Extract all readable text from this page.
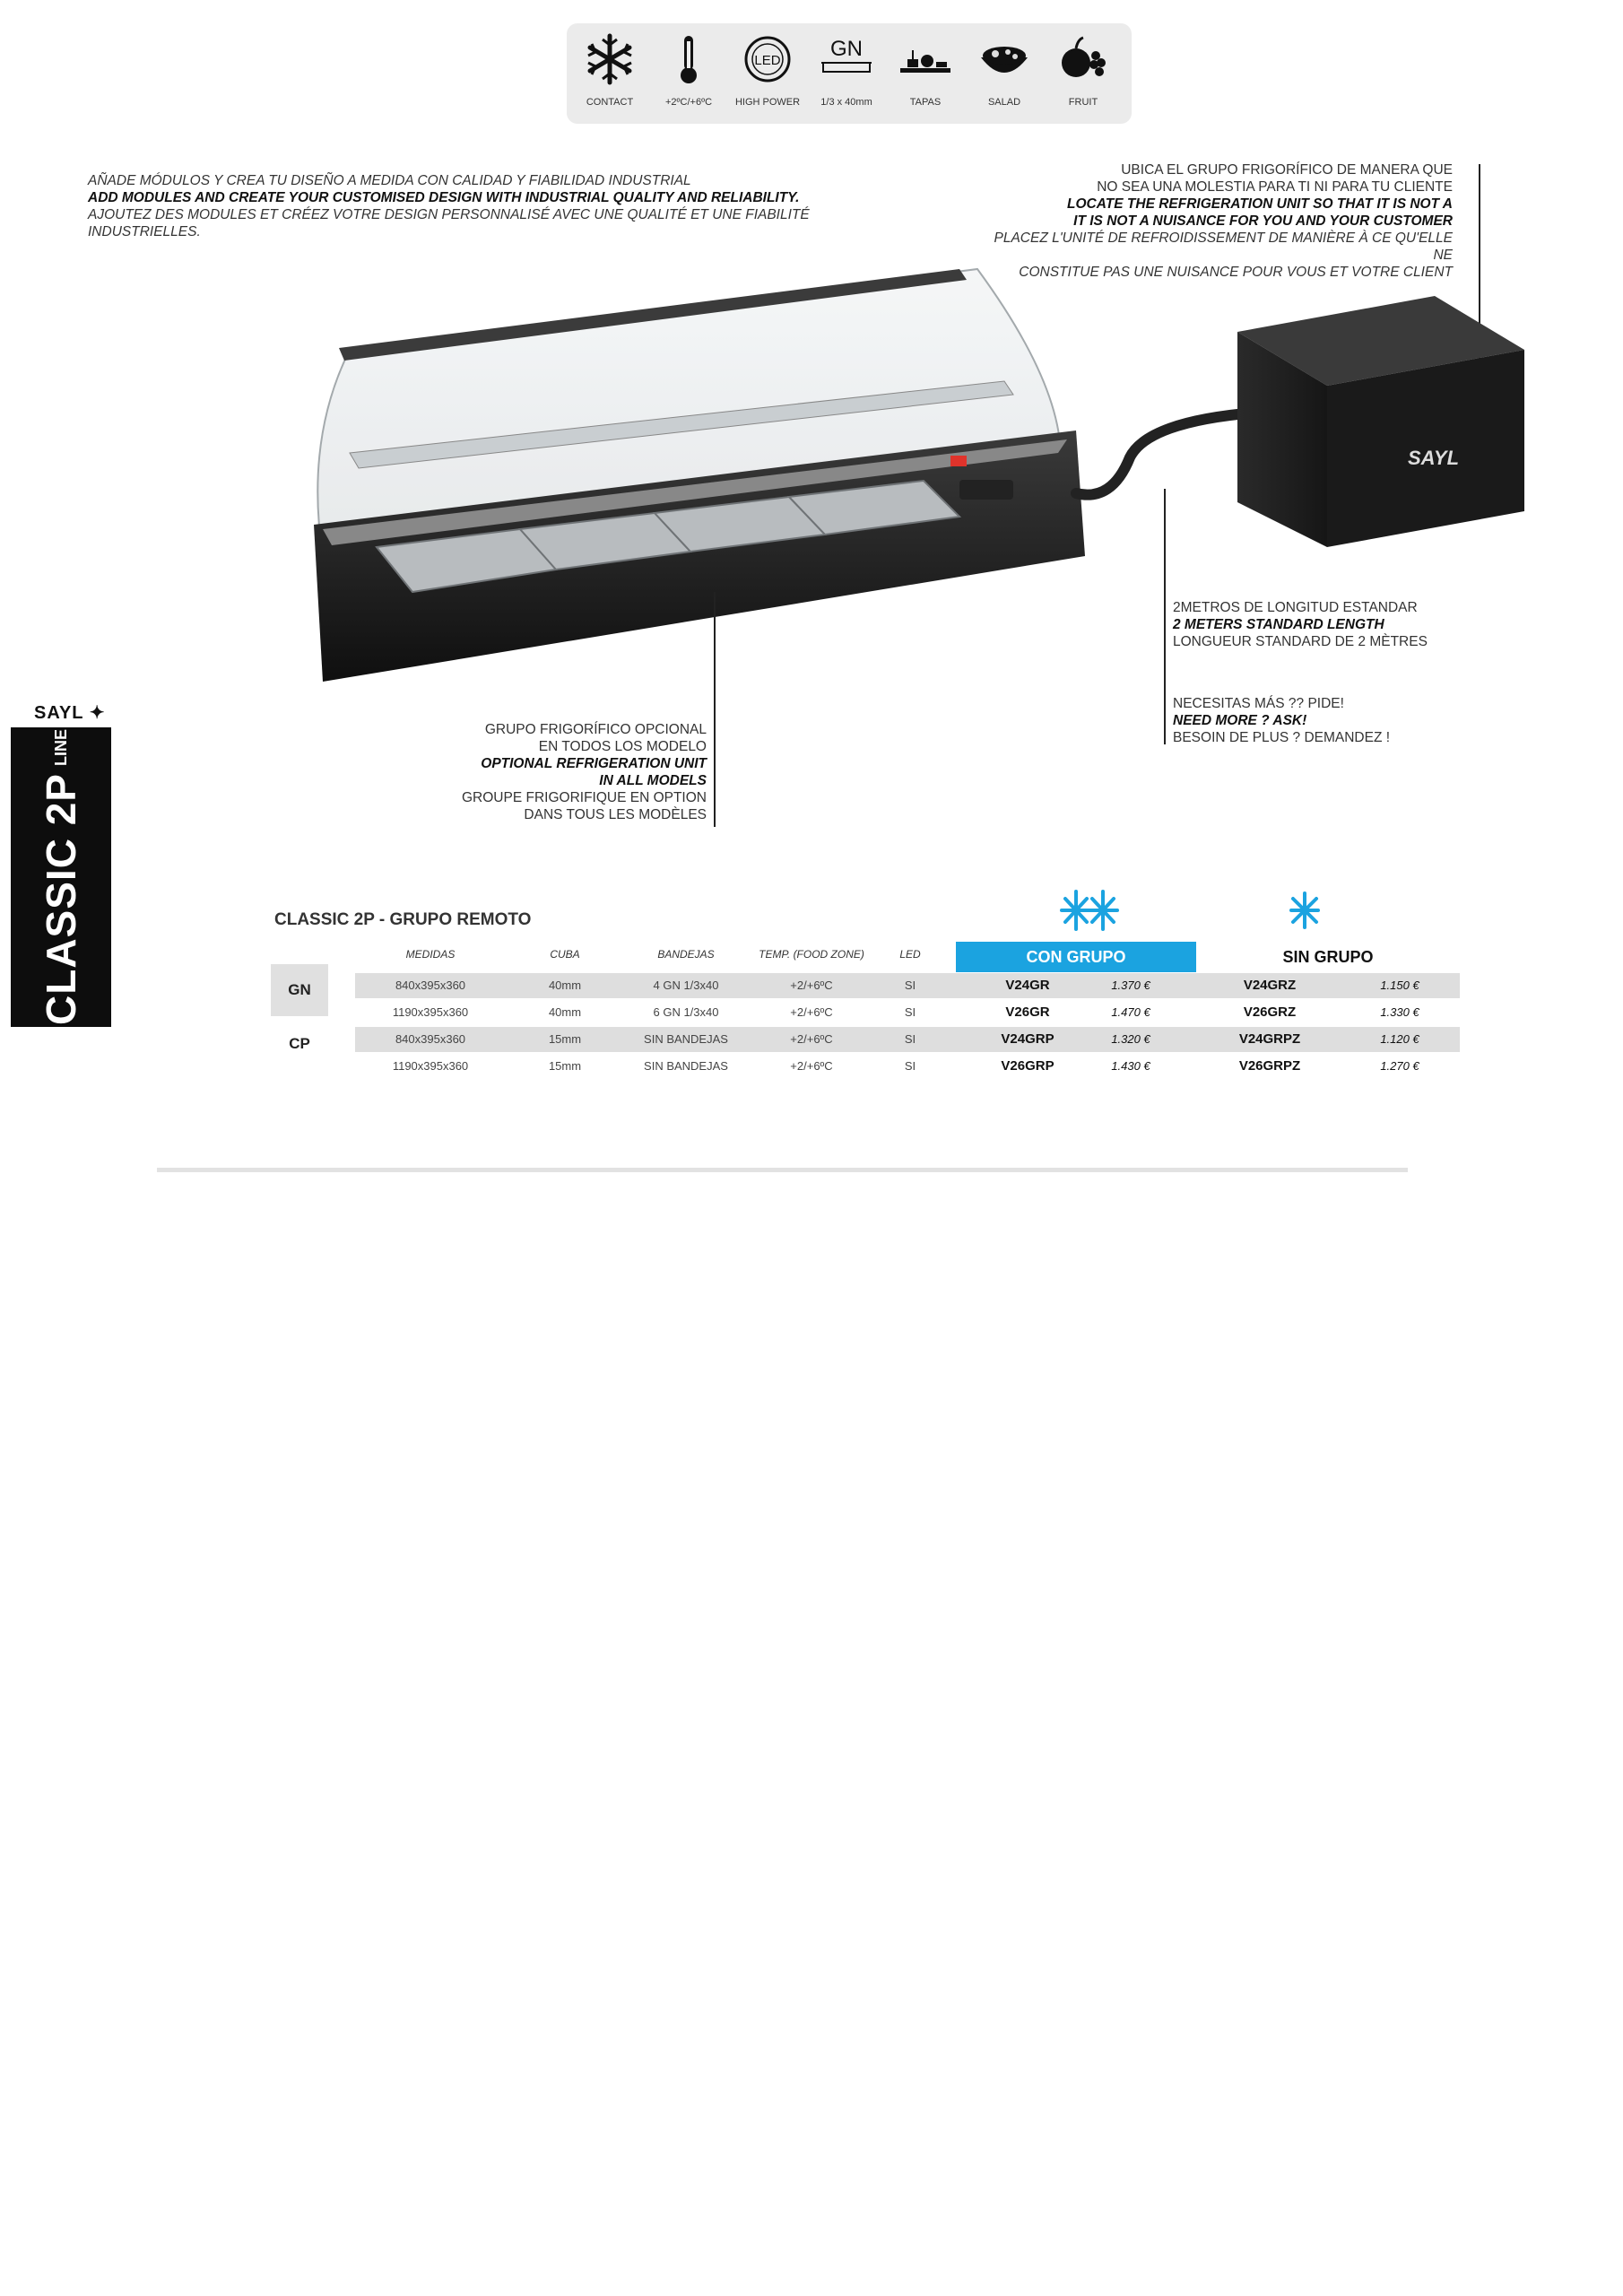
CONTACT	+2ºC/+6ºC
LED
HIGH POWER
GN
1/3 x 40mm	TAPAS	SALAD	FRUIT
AÑADE MÓDULOS Y CREA TU DISEÑO A MEDIDA CON CALIDAD Y FIABILIDAD INDUSTRIAL
ADD MODULES AND CREATE YOUR CUSTOMISED DESIGN WITH INDUSTRIAL QUALITY AND RELIABILITY.
AJOUTEZ DES MODULES ET CRÉEZ VOTRE DESIGN PERSONNALISÉ AVEC UNE QUALITÉ ET UNE FIABILITÉ INDUSTRIELLES.
UBICA EL GRUPO FRIGORÍFICO DE MANERA QUE
NO SEA UNA MOLESTIA PARA TI NI PARA TU CLIENTE
LOCATE THE REFRIGERATION UNIT SO THAT IT IS NOT A
IT IS NOT A NUISANCE FOR YOU AND YOUR CUSTOMER
PLACEZ L'UNITÉ DE REFROIDISSEMENT DE MANIÈRE À CE QU'ELLE NE
CONSTITUE PAS UNE NUISANCE POUR VOUS ET VOTRE CLIENT
SAYL
2METROS DE LONGITUD ESTANDAR
2 METERS STANDARD LENGTH
LONGUEUR STANDARD DE 2 MÈTRES
NECESITAS MÁS ?? PIDE!
NEED MORE ? ASK!
BESOIN DE PLUS ? DEMANDEZ !
GRUPO FRIGORÍFICO OPCIONAL
EN TODOS LOS MODELO
OPTIONAL REFRIGERATION UNIT
IN ALL MODELS
GROUPE FRIGORIFIQUE EN OPTION
DANS TOUS LES MODÈLES
SAYL ✦
CLASSIC 2P
LINE
CLASSIC 2P - GRUPO REMOTO
MEDIDAS	CUBA	BANDEJAS	TEMP. (FOOD ZONE)	LED	CON GRUPO	SIN GRUPO
GN
CP
840x395x360	40mm	4 GN 1/3x40	+2/+6ºC	SI	V24GR	1.370 €	V24GRZ	1.150 €
1190x395x360	40mm	6 GN 1/3x40	+2/+6ºC	SI	V26GR	1.470 €	V26GRZ	1.330 €
840x395x360	15mm	SIN BANDEJAS	+2/+6ºC	SI	V24GRP	1.320 €	V24GRPZ	1.120 €
1190x395x360	15mm	SIN BANDEJAS	+2/+6ºC	SI	V26GRP	1.430 €	V26GRPZ	1.270 €
